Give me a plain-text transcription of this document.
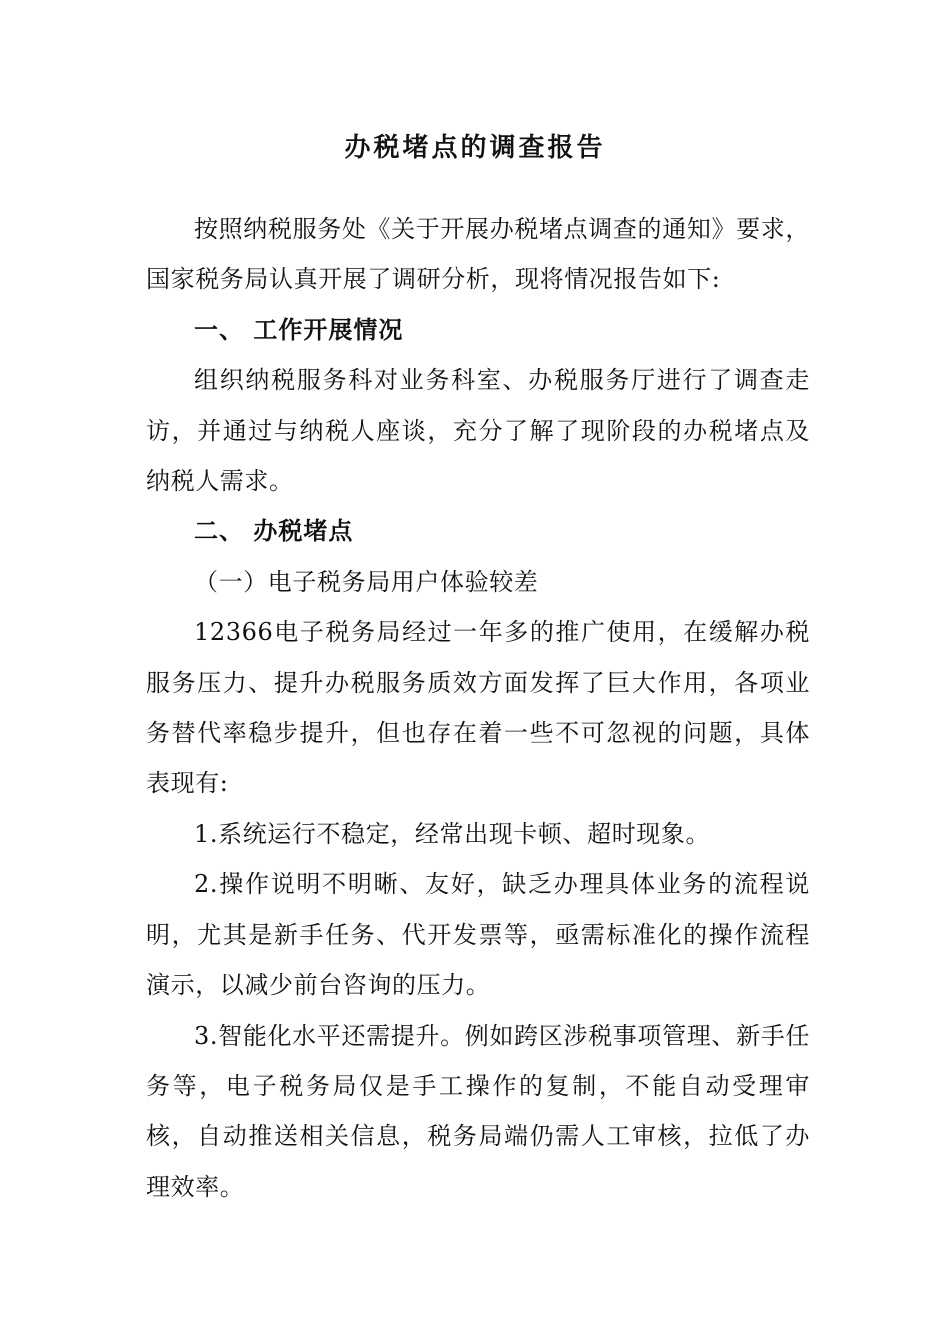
办税堵点的调查报告

按照纳税服务处《关于开展办税堵点调查的通知》要求，国家税务局认真开展了调研分析，现将情况报告如下:

一、 工作开展情况

组织纳税服务科对业务科室、办税服务厅进行了调查走访，并通过与纳税人座谈，充分了解了现阶段的办税堵点及纳税人需求。

二、 办税堵点

（一）电子税务局用户体验较差

12366电子税务局经过一年多的推广使用，在缓解办税服务压力、提升办税服务质效方面发挥了巨大作用，各项业务替代率稳步提升，但也存在着一些不可忽视的问题，具体表现有:

1.系统运行不稳定，经常出现卡顿、超时现象。

2.操作说明不明晰、友好，缺乏办理具体业务的流程说明，尤其是新手任务、代开发票等，亟需标准化的操作流程演示，以减少前台咨询的压力。

3.智能化水平还需提升。例如跨区涉税事项管理、新手任务等，电子税务局仅是手工操作的复制，不能自动受理审核，自动推送相关信息，税务局端仍需人工审核，拉低了办理效率。
